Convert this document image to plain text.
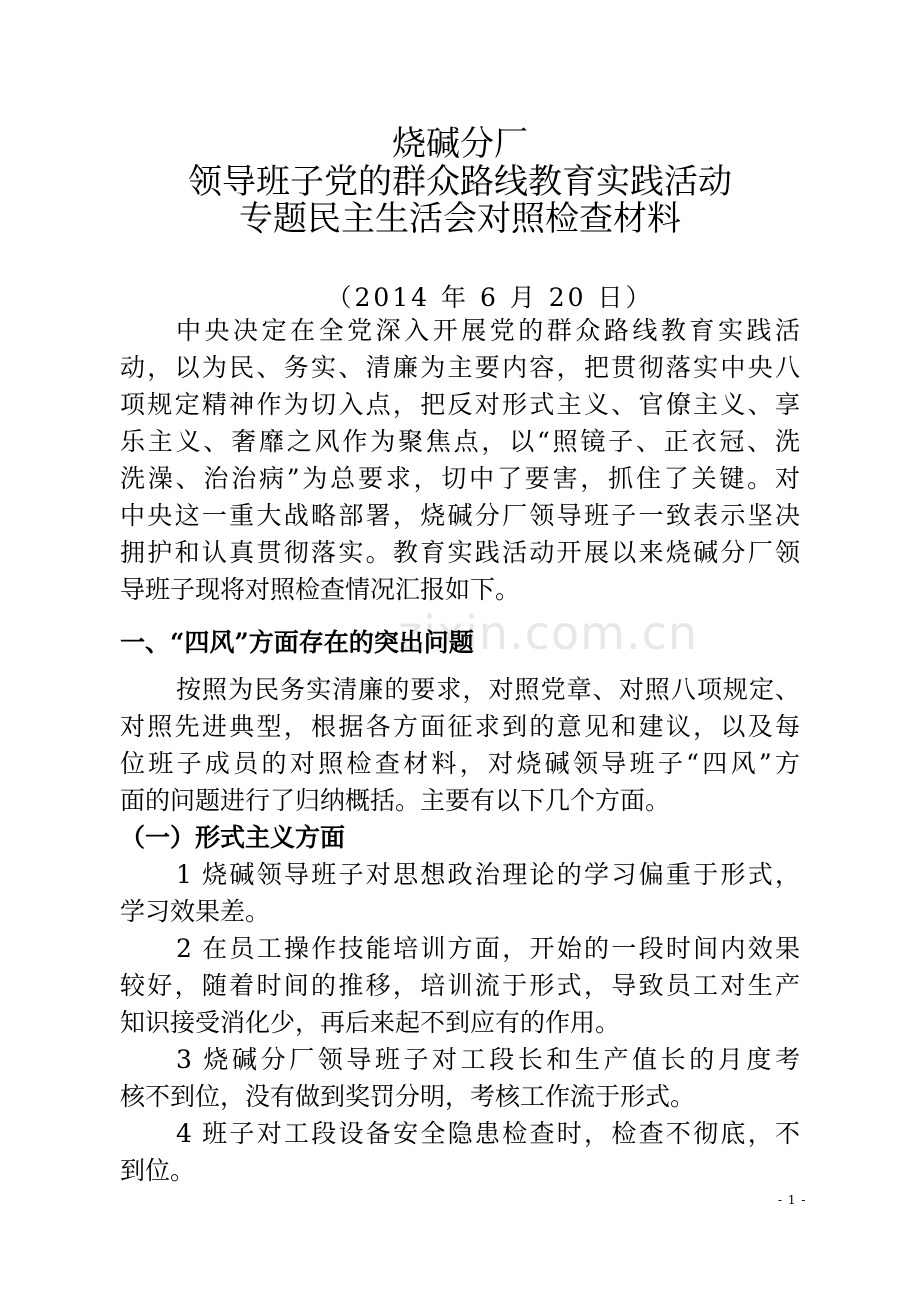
zixin.com.cn
烧碱分厂
领导班子党的群众路线教育实践活动
专题民主生活会对照检查材料
（2014 年 6 月 20 日）
中央决定在全党深入开展党的群众路线教育实践活
动，以为民、务实、清廉为主要内容，把贯彻落实中央八
项规定精神作为切入点，把反对形式主义、官僚主义、享
乐主义、奢靡之风作为聚焦点，以“照镜子、正衣冠、洗
洗澡、治治病”为总要求，切中了要害，抓住了关键。对
中央这一重大战略部署，烧碱分厂领导班子一致表示坚决
拥护和认真贯彻落实。教育实践活动开展以来烧碱分厂领
导班子现将对照检查情况汇报如下。
一、“四风”方面存在的突出问题
按照为民务实清廉的要求，对照党章、对照八项规定、
对照先进典型，根据各方面征求到的意见和建议，以及每
位班子成员的对照检查材料，对烧碱领导班子“四风”方
面的问题进行了归纳概括。主要有以下几个方面。
（一）形式主义方面
1 烧碱领导班子对思想政治理论的学习偏重于形式，
学习效果差。
2 在员工操作技能培训方面，开始的一段时间内效果
较好，随着时间的推移，培训流于形式，导致员工对生产
知识接受消化少，再后来起不到应有的作用。
3 烧碱分厂领导班子对工段长和生产值长的月度考
核不到位，没有做到奖罚分明，考核工作流于形式。
4 班子对工段设备安全隐患检查时，检查不彻底，不
到位。
- 1 -
